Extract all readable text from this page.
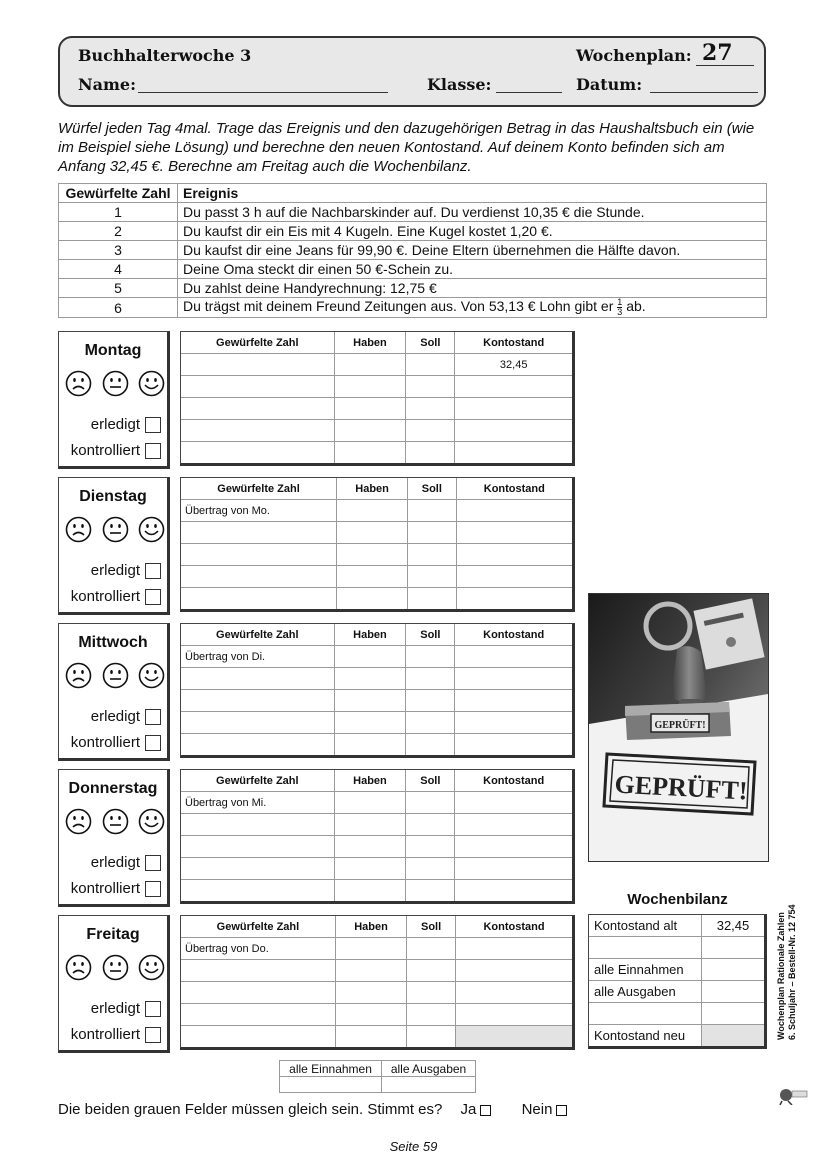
Buchhalterwoche 3	Wochenplan: 27
Name:	Klasse:	Datum:
Würfel jeden Tag 4mal. Trage das Ereignis und den dazugehörigen Betrag in das Haushaltsbuch ein (wie im Beispiel siehe Lösung) und berechne den neuen Kontostand. Auf deinem Konto befinden sich am Anfang 32,45 €. Berechne am Freitag auch die Wochenbilanz.
Gewürfelte Zahl	Ereignis
1	Du passt 3 h auf die Nachbarskinder auf. Du verdienst 10,35 € die Stunde.
2	Du kaufst dir ein Eis mit 4 Kugeln. Eine Kugel kostet 1,20 €.
3	Du kaufst dir eine Jeans für 99,90 €. Deine Eltern übernehmen die Hälfte davon.
4	Deine Oma steckt dir einen 50 €-Schein zu.
5	Du zahlst deine Handyrechnung: 12,75 €
6	Du trägst mit deinem Freund Zeitungen aus. Von 53,13 € Lohn gibt er $\frac{1}{3}$ ab.
Montag
erledigt
kontrolliert
Gewürfelte Zahl	Haben	Soll	Kontostand
			32,45

Dienstag
erledigt
kontrolliert
Gewürfelte Zahl	Haben	Soll	Kontostand
Übertrag von Mo.			

Mittwoch
erledigt
kontrolliert
Gewürfelte Zahl	Haben	Soll	Kontostand
Übertrag von Di.			

Donnerstag
erledigt
kontrolliert
Gewürfelte Zahl	Haben	Soll	Kontostand
Übertrag von Mi.			

Freitag
erledigt
kontrolliert
Gewürfelte Zahl	Haben	Soll	Kontostand
Übertrag von Do.			

GEPRÜFT!
GEPRÜFT!
Wochenbilanz
Kontostand alt	32,45

alle Einnahmen	
alle Ausgaben	

Kontostand neu	
alle Einnahmen	alle Ausgaben

Die beiden grauen Felder müssen gleich sein. Stimmt es? Ja	Nein
Seite 59
Wochenplan Rationale Zahlen 6. Schuljahr – Bestell-Nr. 12 754
